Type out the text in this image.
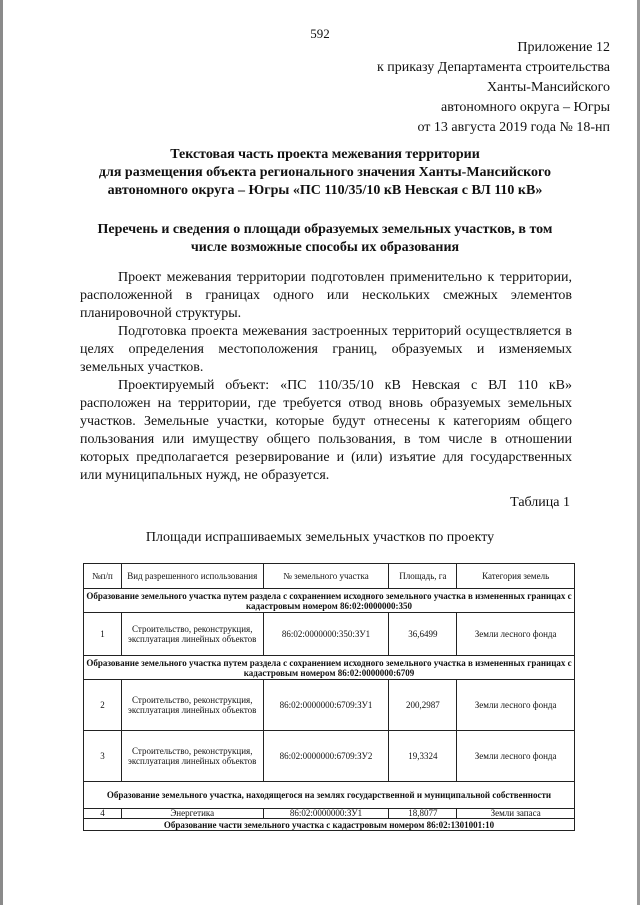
592
Приложение 12
к приказу Департамента строительства
Ханты-Мансийского
автономного округа – Югры
от 13 августа 2019 года № 18-нп
Текстовая часть проекта межевания территории
для размещения объекта регионального значения Ханты-Мансийского
автономного округа – Югры «ПС 110/35/10 кВ Невская с ВЛ 110 кВ»
Перечень и сведения о площади образуемых земельных участков, в том
числе возможные способы их образования

Проект межевания территории подготовлен применительно к территории, расположенной в границах одного или нескольких смежных элементов планировочной структуры.

Подготовка проекта межевания застроенных территорий осуществляется в целях определения местоположения границ, образуемых и изменяемых земельных участков.

Проектируемый объект: «ПС 110/35/10 кВ Невская с ВЛ 110 кВ» расположен на территории, где требуется отвод вновь образуемых земельных участков. Земельные участки, которые будут отнесены к категориям общего пользования или имуществу общего пользования, в том числе в отношении которых предполагается резервирование и (или) изъятие для государственных или муниципальных нужд, не образуется.

Таблица 1
Площади испрашиваемых земельных участков по проекту
№п/п	Вид разрешенного использования	№ земельного участка	Площадь, га	Категория земель
Образование земельного участка путем раздела с сохранением исходного земельного участка в измененных границах с кадастровым номером 86:02:0000000:350				
1	Строительство, реконструкция, эксплуатация линейных объектов	86:02:0000000:350:ЗУ1	36,6499	Земли лесного фонда
Образование земельного участка путем раздела с сохранением исходного земельного участка в измененных границах с кадастровым номером 86:02:0000000:6709				
2	Строительство, реконструкция, эксплуатация линейных объектов	86:02:0000000:6709:ЗУ1	200,2987	Земли лесного фонда
3	Строительство, реконструкция, эксплуатация линейных объектов	86:02:0000000:6709:ЗУ2	19,3324	Земли лесного фонда
Образование земельного участка, находящегося на землях государственной и муниципальной собственности				
4	Энергетика	86:02:0000000:ЗУ1	18,8077	Земли запаса
Образование части земельного участка с кадастровым номером 86:02:1301001:10				
